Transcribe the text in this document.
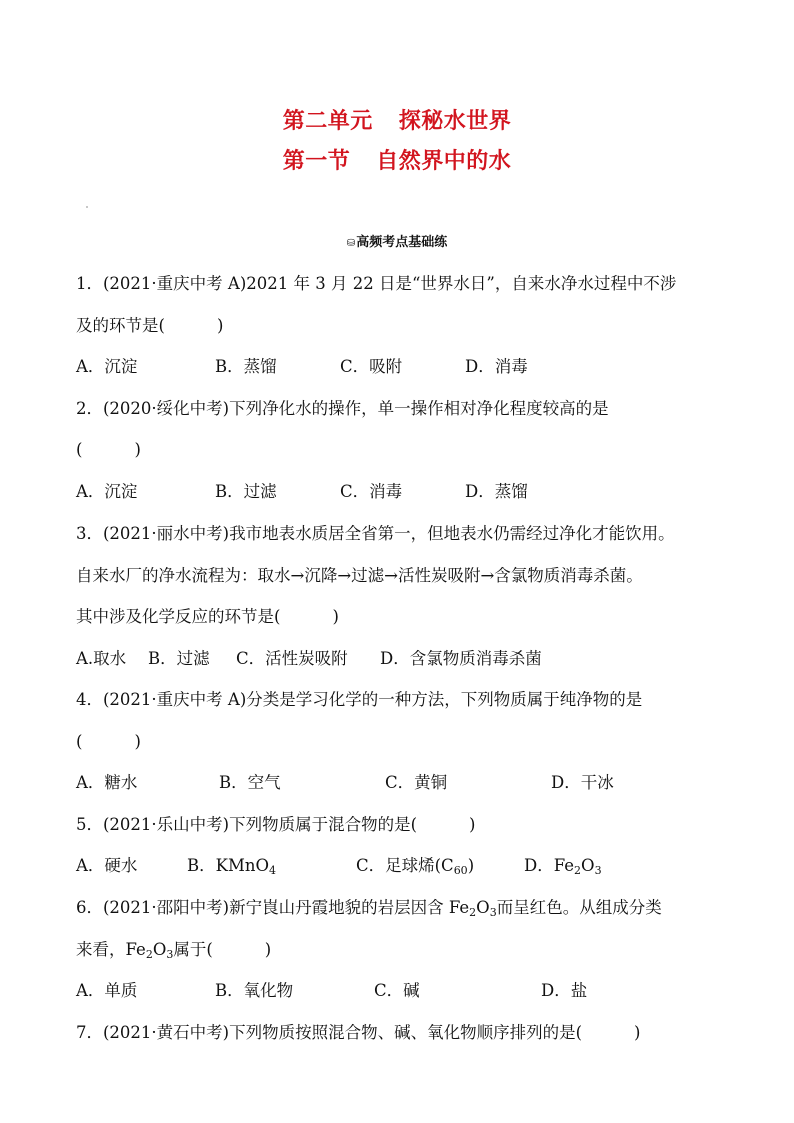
第二单元 探秘水世界
第一节 自然界中的水
⛁高频考点基础练
1．(2021·重庆中考 A)2021 年 3 月 22 日是“世界水日”，自来水净水过程中不涉
及的环节是(	)
A．沉淀	B．蒸馏	C．吸附	D．消毒
2．(2020·绥化中考)下列净化水的操作，单一操作相对净化程度较高的是
(	)
A．沉淀	B．过滤	C．消毒	D．蒸馏
3．(2021·丽水中考)我市地表水质居全省第一，但地表水仍需经过净化才能饮用。
自来水厂的净水流程为：取水→沉降→过滤→活性炭吸附→含氯物质消毒杀菌。
其中涉及化学反应的环节是(	)
A.取水 B．过滤 C．活性炭吸附 D．含氯物质消毒杀菌
4．(2021·重庆中考 A)分类是学习化学的一种方法，下列物质属于纯净物的是
(	)
A．糖水	B．空气	C．黄铜	D．干冰
5．(2021·乐山中考)下列物质属于混合物的是(	)
A．硬水	B．KMnO$_4$	C．足球烯$(C_{60})$	D．$Fe_2O_3$
6．(2021·邵阳中考)新宁崀山丹霞地貌的岩层因含 $Fe_2O_3$而呈红色。从组成分类
来看，$Fe_2O_3$属于(	)
A．单质	B．氧化物	C．碱	D．盐
7．(2021·黄石中考)下列物质按照混合物、碱、氧化物顺序排列的是(	)
